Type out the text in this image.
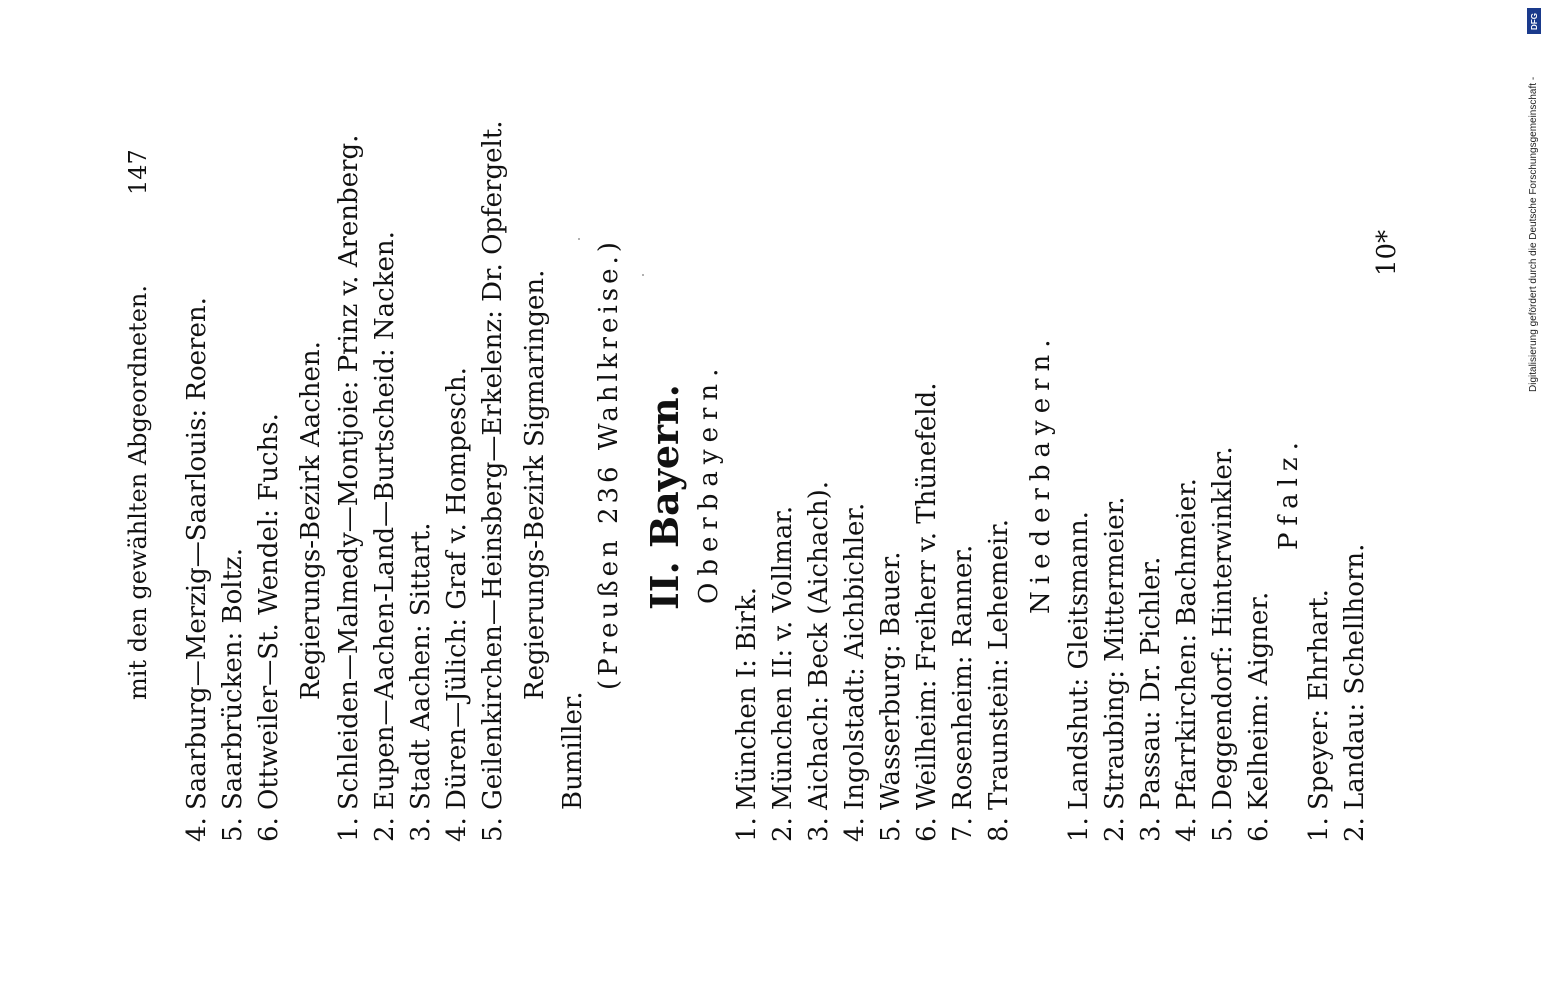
mit den gewählten Abgeordneten.
147
4.
Saarburg—Merzig—Saarlouis: Roeren.
5.
Saarbrücken: Boltz.
6.
Ottweiler—St. Wendel: Fuchs. Regierungs-Bezirk Aachen.
1.
Schleiden—Malmedy—Montjoie: Prinz v. Arenberg.
2.
Eupen—Aachen-Land—Burtscheid: Nacken.
3.
Stadt Aachen: Sittart.
4.
Düren—Jülich: Graf v. Hompesch.
5.
Geilenkirchen—Heinsberg—Erkelenz: Dr. Opfergelt. Regierungs-Bezirk Sigmaringen.
Bumiller.
(Preußen 236 Wahlkreise.) II. Bayern. Oberbayern.
1.
München I: Birk.
2.
München II: v. Vollmar.
3.
Aichach: Beck (Aichach).
4.
Ingolstadt: Aichbichler.
5.
Wasserburg: Bauer.
6.
Weilheim: Freiherr v. Thünefeld.
7.
Rosenheim: Ranner.
8.
Traunstein: Lehemeir.
Niederbayern.
1.
Landshut: Gleitsmann.
2.
Straubing: Mittermeier.
3.
Passau: Dr. Pichler.
4.
Pfarrkirchen: Bachmeier.
5.
Deggendorf: Hinterwinkler.
6.
Kelheim: Aigner.
Pfalz.
1.
Speyer: Ehrhart.
2.
Landau: Schellhorn.
10*
DFG
Digitalisierung gefördert durch die Deutsche Forschungsgemeinschaft -
